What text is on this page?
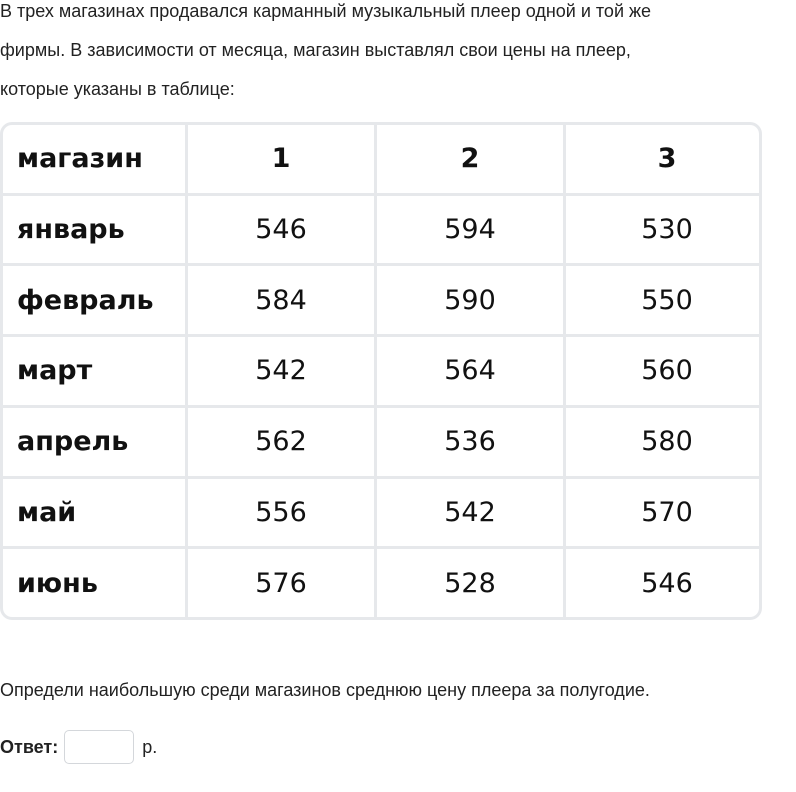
В трех магазинах продавался карманный музыкальный плеер одной и той же
фирмы. В зависимости от месяца, магазин выставлял свои цены на плеер,
которые указаны в таблице:
магазин	1	2	3
январь	546	594	530
февраль	584	590	550
март	542	564	560
апрель	562	536	580
май	556	542	570
июнь	576	528	546

Определи наибольшую среди магазинов среднюю цену плеера за полугодие.

Ответ:	р.
